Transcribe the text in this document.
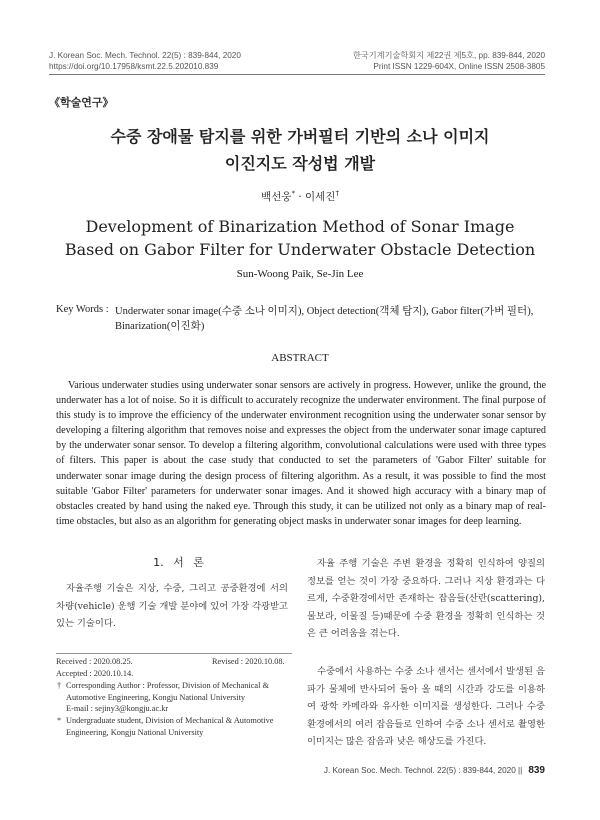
J. Korean Soc. Mech. Technol. 22(5) : 839-844, 2020
https://doi.org/10.17958/ksmt.22.5.202010.839
한국기계기술학회지 제22권 제5호, pp. 839-844, 2020
Print ISSN 1229-604X, Online ISSN 2508-3805
《학술연구》
수중 장애물 탐지를 위한 가버필터 기반의 소나 이미지
이진지도 작성법 개발
백선웅* · 이세진†
Development of Binarization Method of Sonar Image
Based on Gabor Filter for Underwater Obstacle Detection
Sun-Woong Paik, Se-Jin Lee
Key Words : Underwater sonar image(수중 소나 이미지), Object detection(객체 탐지), Gabor filter(가버 필터), Binarization(이진화)
ABSTRACT
Various underwater studies using underwater sonar sensors are actively in progress. However, unlike the ground, the underwater has a lot of noise. So it is difficult to accurately recognize the underwater environment. The final purpose of this study is to improve the efficiency of the underwater environment recognition using the underwater sonar sensor by developing a filtering algorithm that removes noise and expresses the object from the underwater sonar image captured by the underwater sonar sensor. To develop a filtering algorithm, convolutional calculations were used with three types of filters. This paper is about the case study that conducted to set the parameters of 'Gabor Filter' suitable for underwater sonar image during the design process of filtering algorithm. As a result, it was possible to find the most suitable 'Gabor Filter' parameters for underwater sonar images. And it showed high accuracy with a binary map of obstacles created by hand using the naked eye. Through this study, it can be utilized not only as a binary map of real-time obstacles, but also as an algorithm for generating object masks in underwater sonar images for deep learning.
1. 서 론
자율주행 기술은 지상, 수중, 그리고 공중환경에 서의 차량(vehicle) 운행 기술 개발 분야에 있어 가장 각광받고 있는 기술이다.
자율 주행 기술은 주변 환경을 정확히 인식하여 양질의 정보를 얻는 것이 가장 중요하다. 그러나 지상 환경과는 다르게, 수중환경에서만 존재하는 잡음들(산란(scattering), 물보라, 이물질 등)때문에 수중 환경을 정확히 인식하는 것은 큰 어려움을 겪는다.
수중에서 사용하는 수중 소나 센서는 센서에서 발생된 음파가 물체에 반사되어 돌아 올 때의 시간과 강도를 이용하여 광학 카메라와 유사한 이미지를 생성한다. 그러나 수중 환경에서의 여러 잡음들로 인하여 수중 소나 센서로 촬영한 이미지는 많은 잡음과 낮은 해상도를 가진다.
Received : 2020.08.25.	Revised : 2020.10.08.
Accepted : 2020.10.14.
† Corresponding Author : Professor, Division of Mechanical & Automotive Engineering, Kongju National University
E-mail : sejiny3@kongju.ac.kr
* Undergraduate student, Division of Mechanical & Automotive Engineering, Kongju National University
J. Korean Soc. Mech. Technol. 22(5) : 839-844, 2020 || 839
